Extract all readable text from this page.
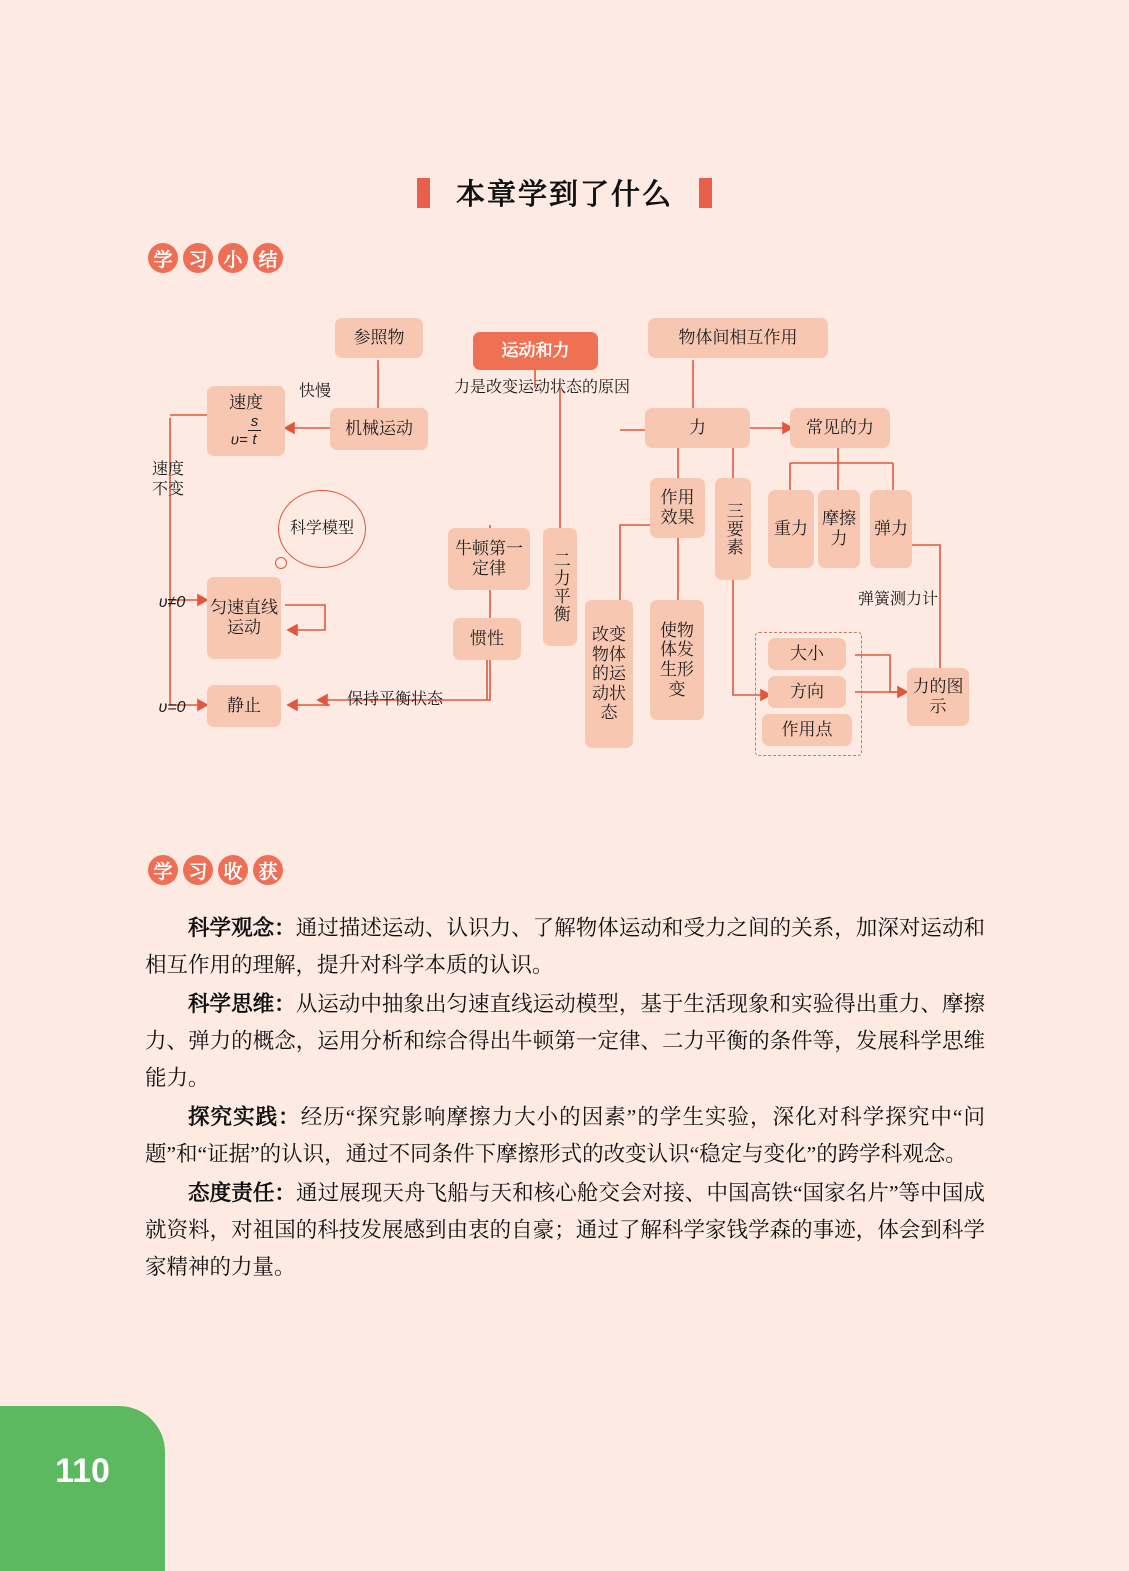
本章学到了什么
学 习 小 结
参照物
运动和力
物体间相互作用
力是改变运动状态的原因
速度
$\upsilon= \frac{s}{t}$
快慢
机械运动	力	常见的力
速度不变
科学模型
作用效果	三要素 重力
摩擦力
弹力
牛顿第一定律	二力平衡
惯性
υ≠0	匀速直线运动
υ=0	静止	保持平衡状态
改变物体的运动状态
使物体发生形变
弹簧测力计
大小
方向
作用点
力的图示
学 习 收 获

科学观念：通过描述运动、认识力、了解物体运动和受力之间的关系，加深对运动和相互作用的理解，提升对科学本质的认识。

科学思维：从运动中抽象出匀速直线运动模型，基于生活现象和实验得出重力、摩擦力、弹力的概念，运用分析和综合得出牛顿第一定律、二力平衡的条件等，发展科学思维能力。

探究实践：经历“探究影响摩擦力大小的因素”的学生实验，深化对科学探究中“问题”和“证据”的认识，通过不同条件下摩擦形式的改变认识“稳定与变化”的跨学科观念。

态度责任：通过展现天舟飞船与天和核心舱交会对接、中国高铁“国家名片”等中国成就资料，对祖国的科技发展感到由衷的自豪；通过了解科学家钱学森的事迹，体会到科学家精神的力量。

110
